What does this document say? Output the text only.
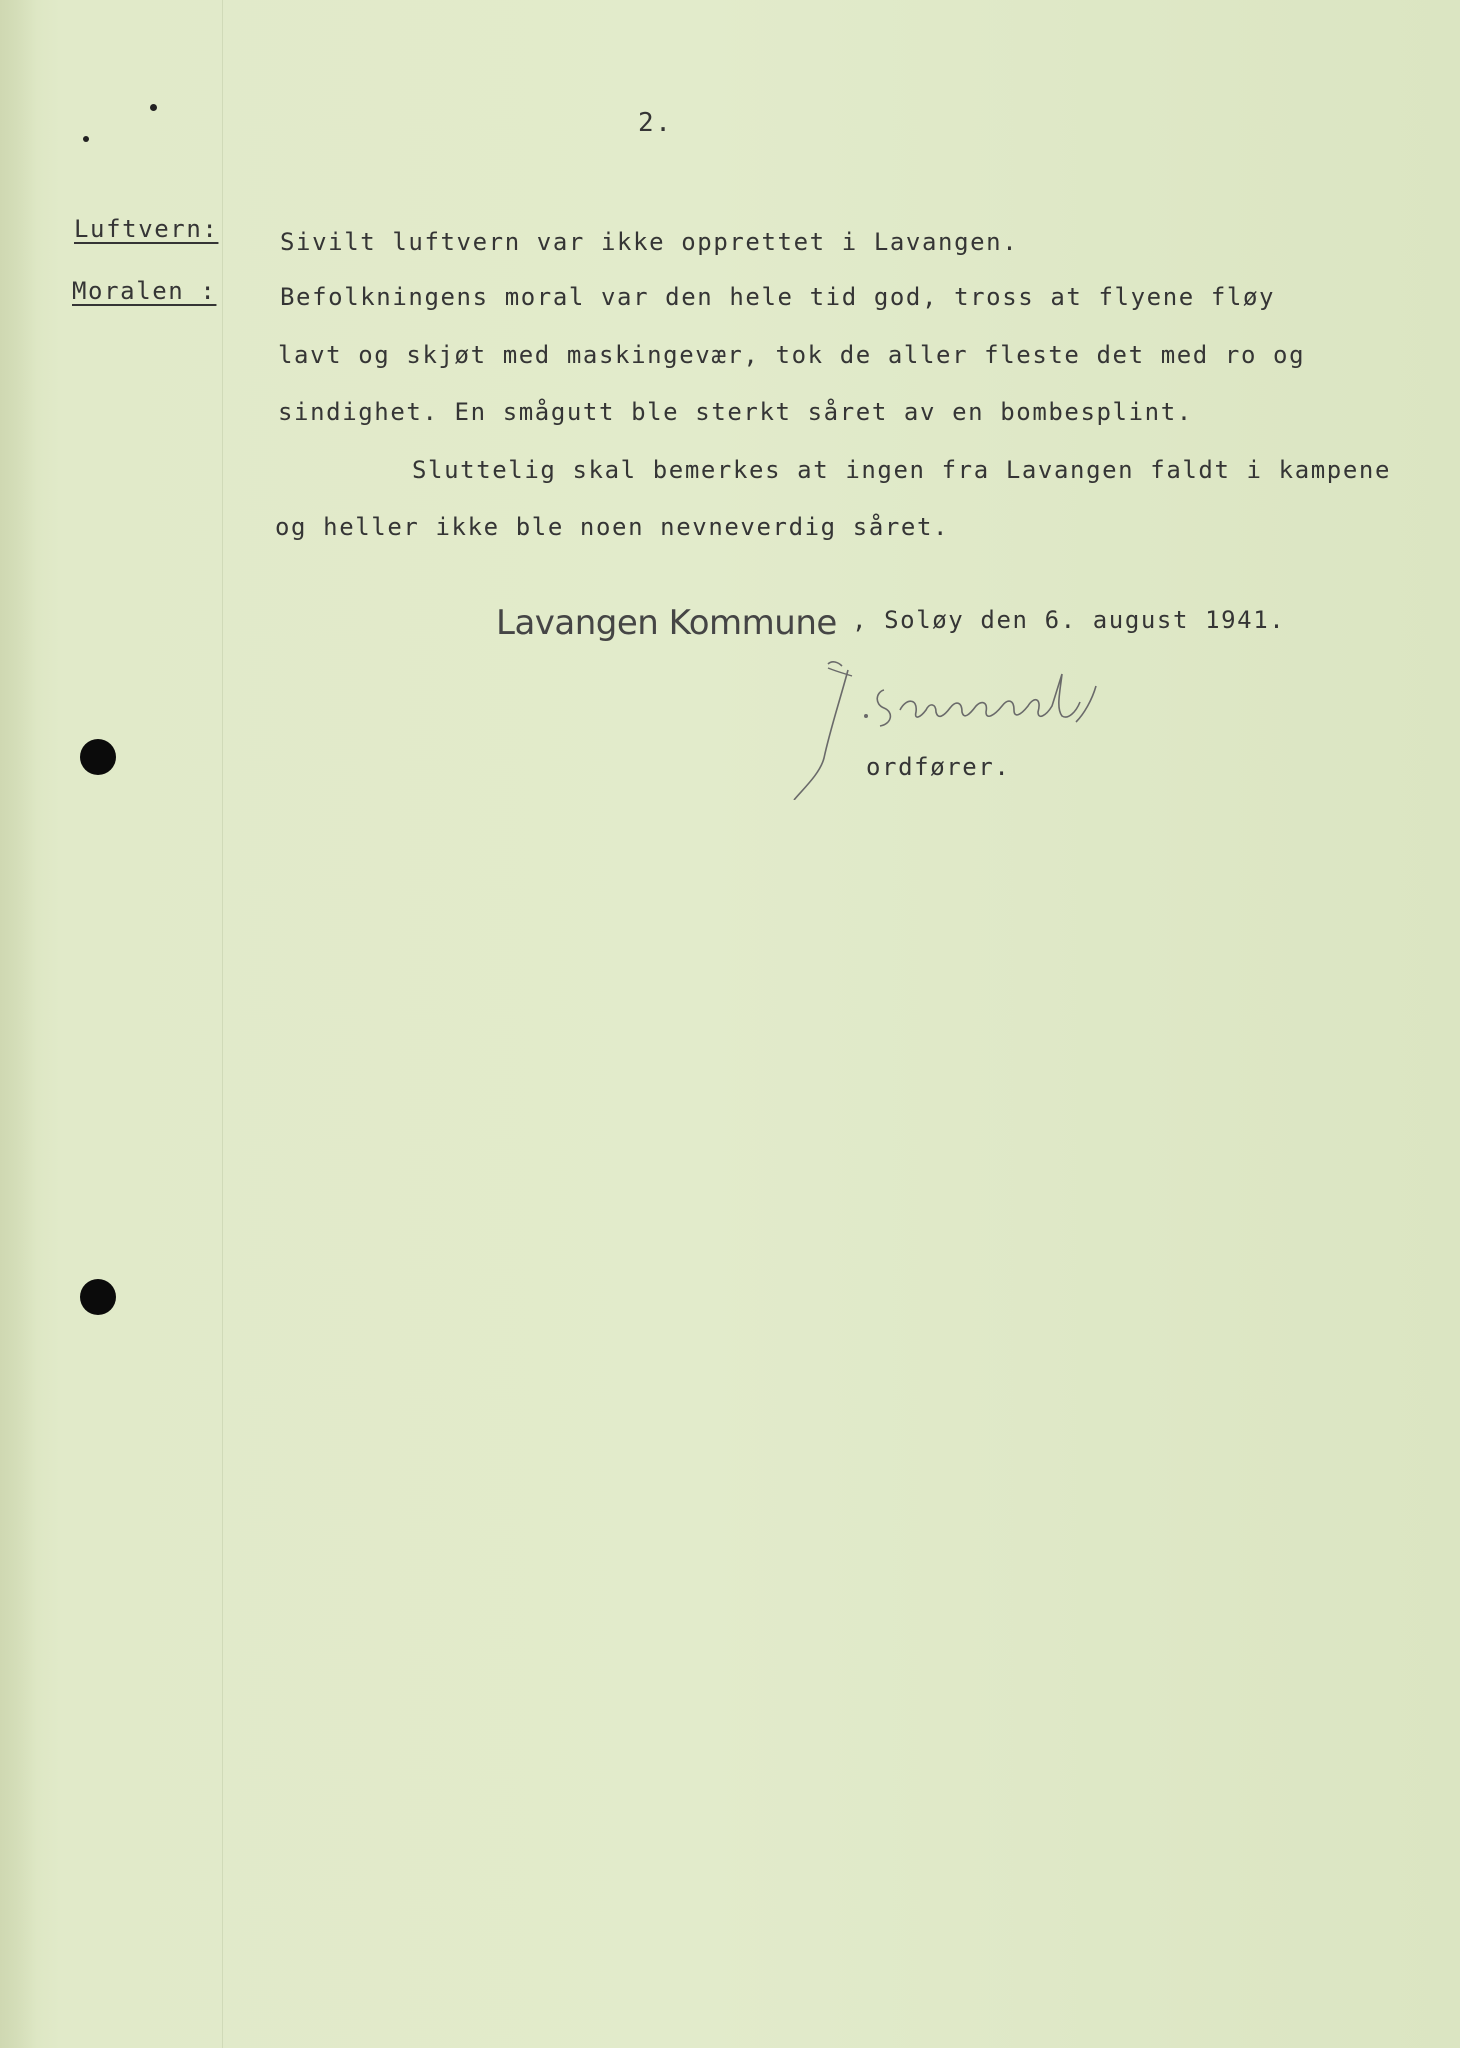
2.
Luftvern:	Sivilt luftvern var ikke opprettet i Lavangen.
Moralen :	Befolkningens moral var den hele tid god, tross at flyene fløy
lavt og skjøt med maskingevær, tok de aller fleste det med ro og
sindighet. En smågutt ble sterkt såret av en bombesplint.
Sluttelig skal bemerkes at ingen fra Lavangen faldt i kampene
og heller ikke ble noen nevneverdig såret.
Lavangen Kommune , Soløy den 6. august 1941.
ordfører.
